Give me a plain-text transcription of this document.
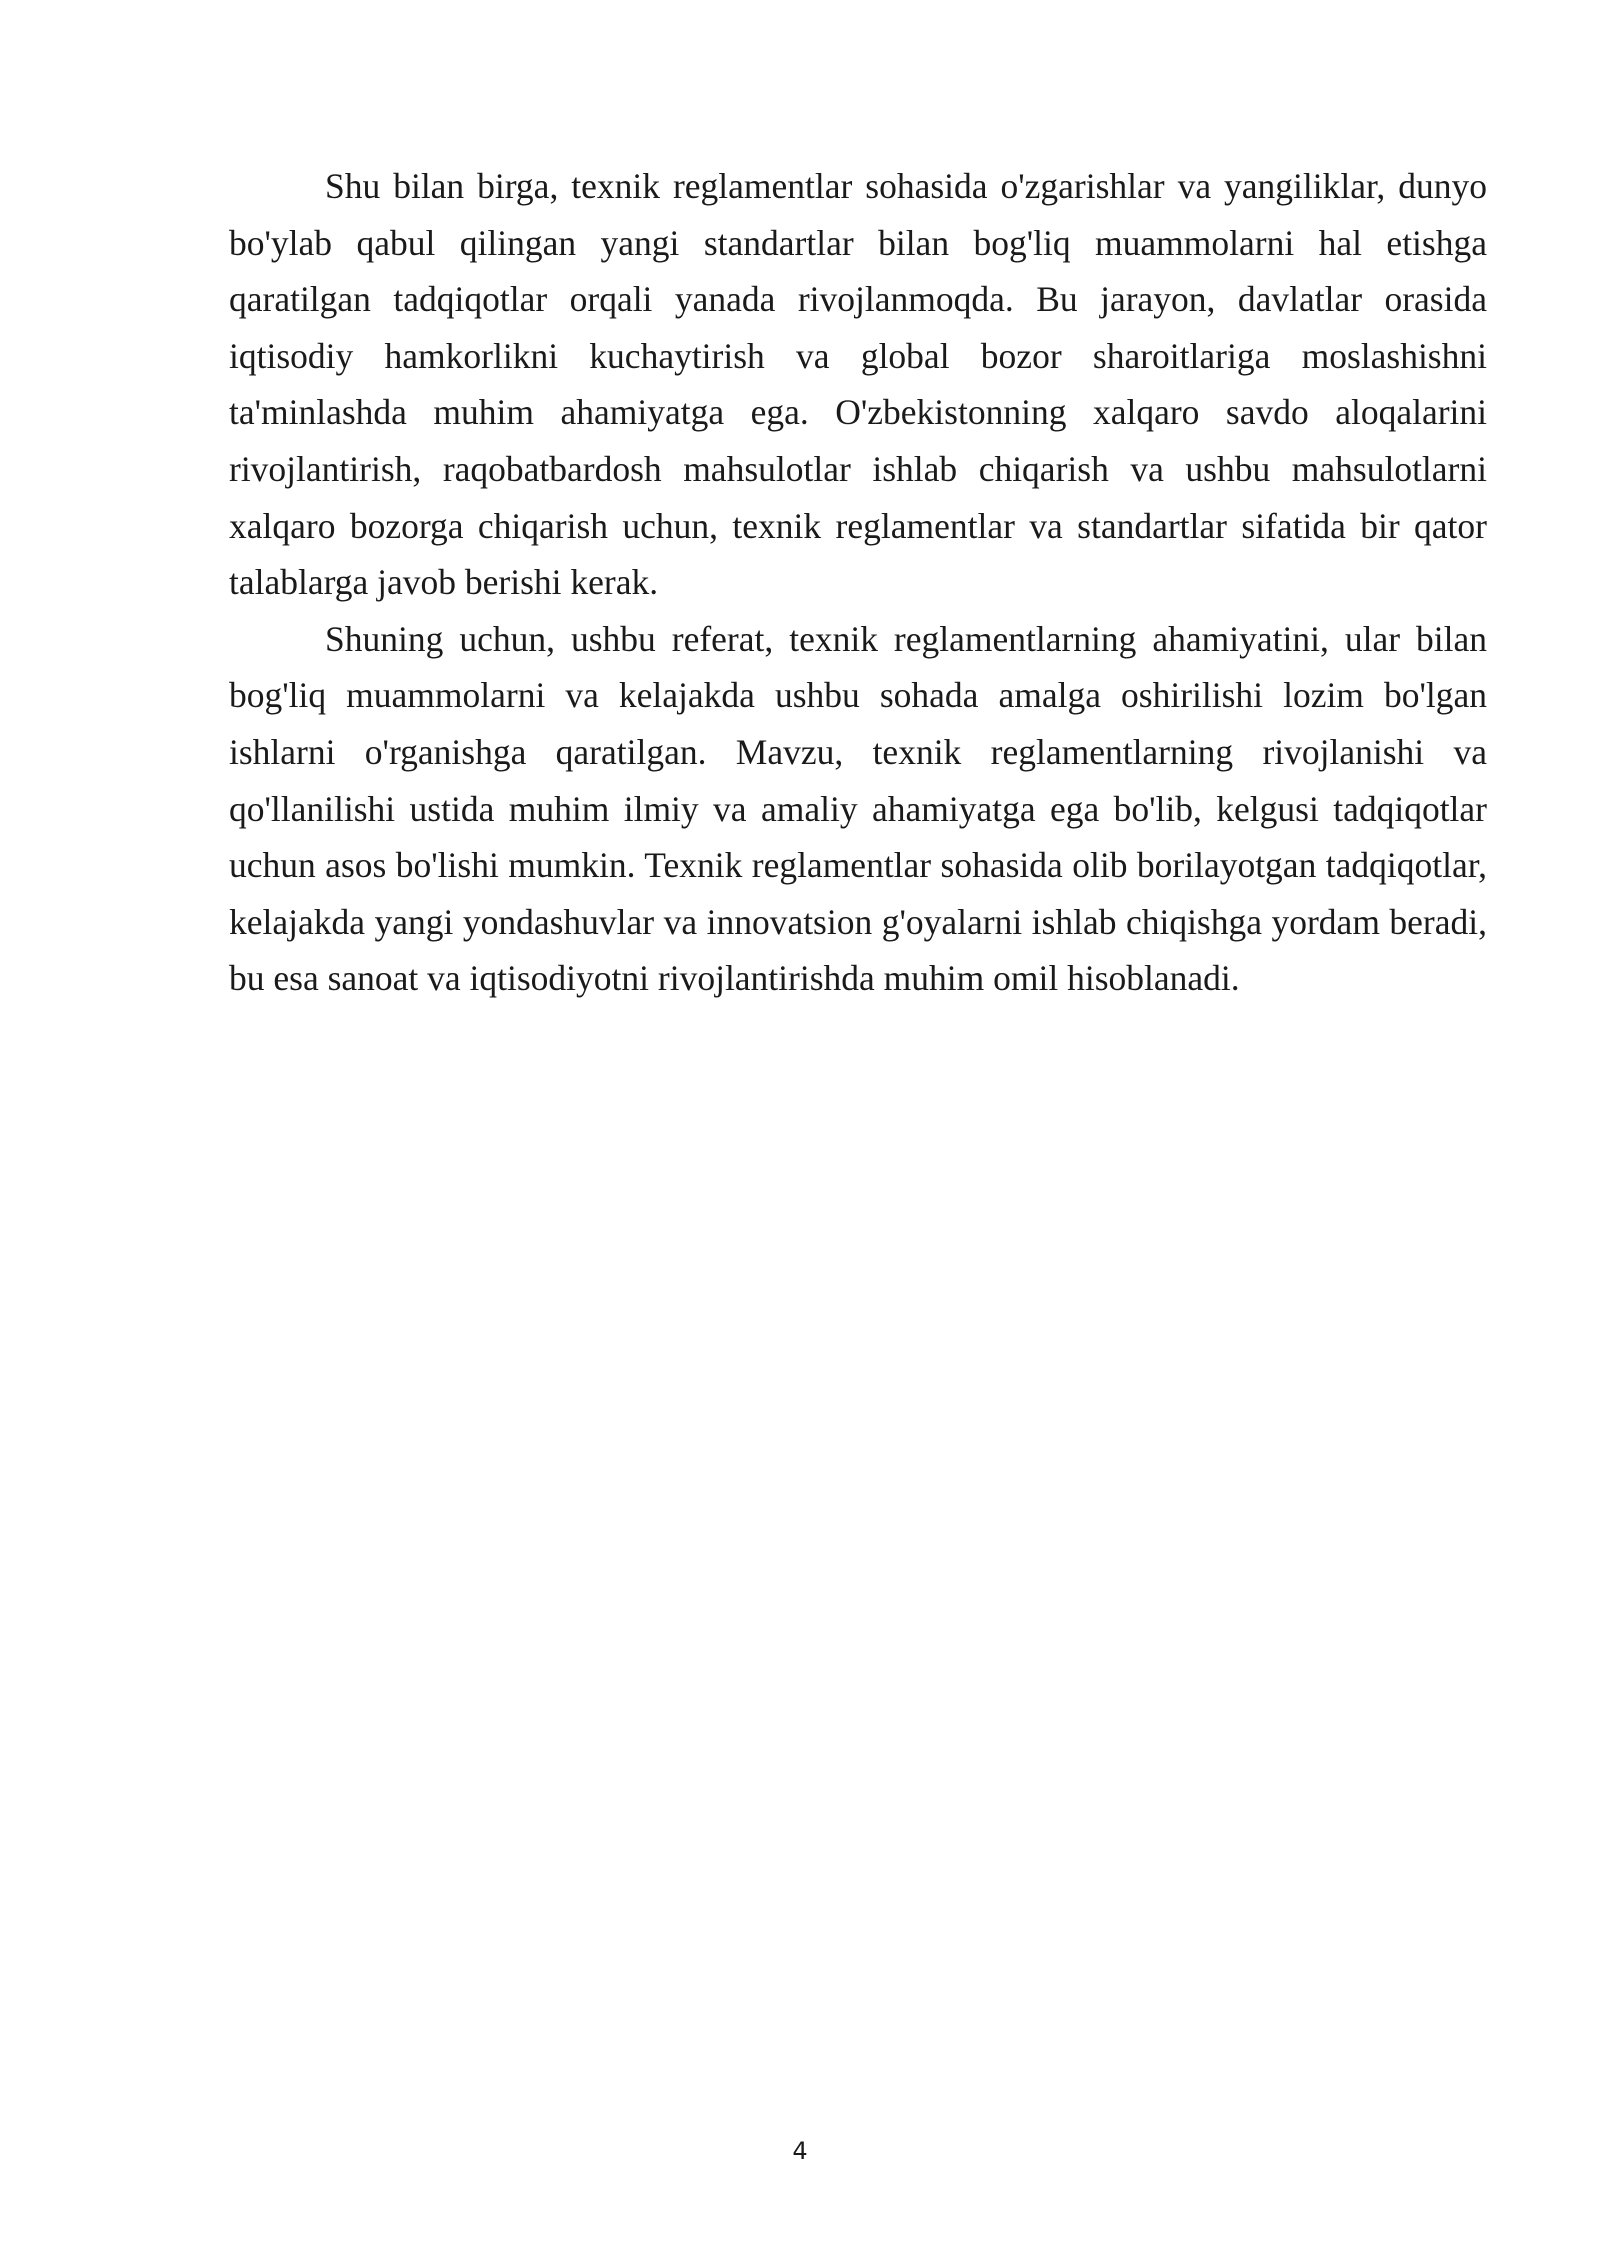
Shu bilan birga, texnik reglamentlar sohasida o'zgarishlar va yangiliklar, dunyo bo'ylab qabul qilingan yangi standartlar bilan bog'liq muammolarni hal etishga qaratilgan tadqiqotlar orqali yanada rivojlanmoqda. Bu jarayon, davlatlar orasida iqtisodiy hamkorlikni kuchaytirish va global bozor sharoitlariga moslashishni ta'minlashda muhim ahamiyatga ega. O'zbekistonning xalqaro savdo aloqalarini rivojlantirish, raqobatbardosh mahsulotlar ishlab chiqarish va ushbu mahsulotlarni xalqaro bozorga chiqarish uchun, texnik reglamentlar va standartlar sifatida bir qator talablarga javob berishi kerak.

Shuning uchun, ushbu referat, texnik reglamentlarning ahamiyatini, ular bilan bog'liq muammolarni va kelajakda ushbu sohada amalga oshirilishi lozim bo'lgan ishlarni o'rganishga qaratilgan. Mavzu, texnik reglamentlarning rivojlanishi va qo'llanilishi ustida muhim ilmiy va amaliy ahamiyatga ega bo'lib, kelgusi tadqiqotlar uchun asos bo'lishi mumkin. Texnik reglamentlar sohasida olib borilayotgan tadqiqotlar, kelajakda yangi yondashuvlar va innovatsion g'oyalarni ishlab chiqishga yordam beradi, bu esa sanoat va iqtisodiyotni rivojlantirishda muhim omil hisoblanadi.

4
